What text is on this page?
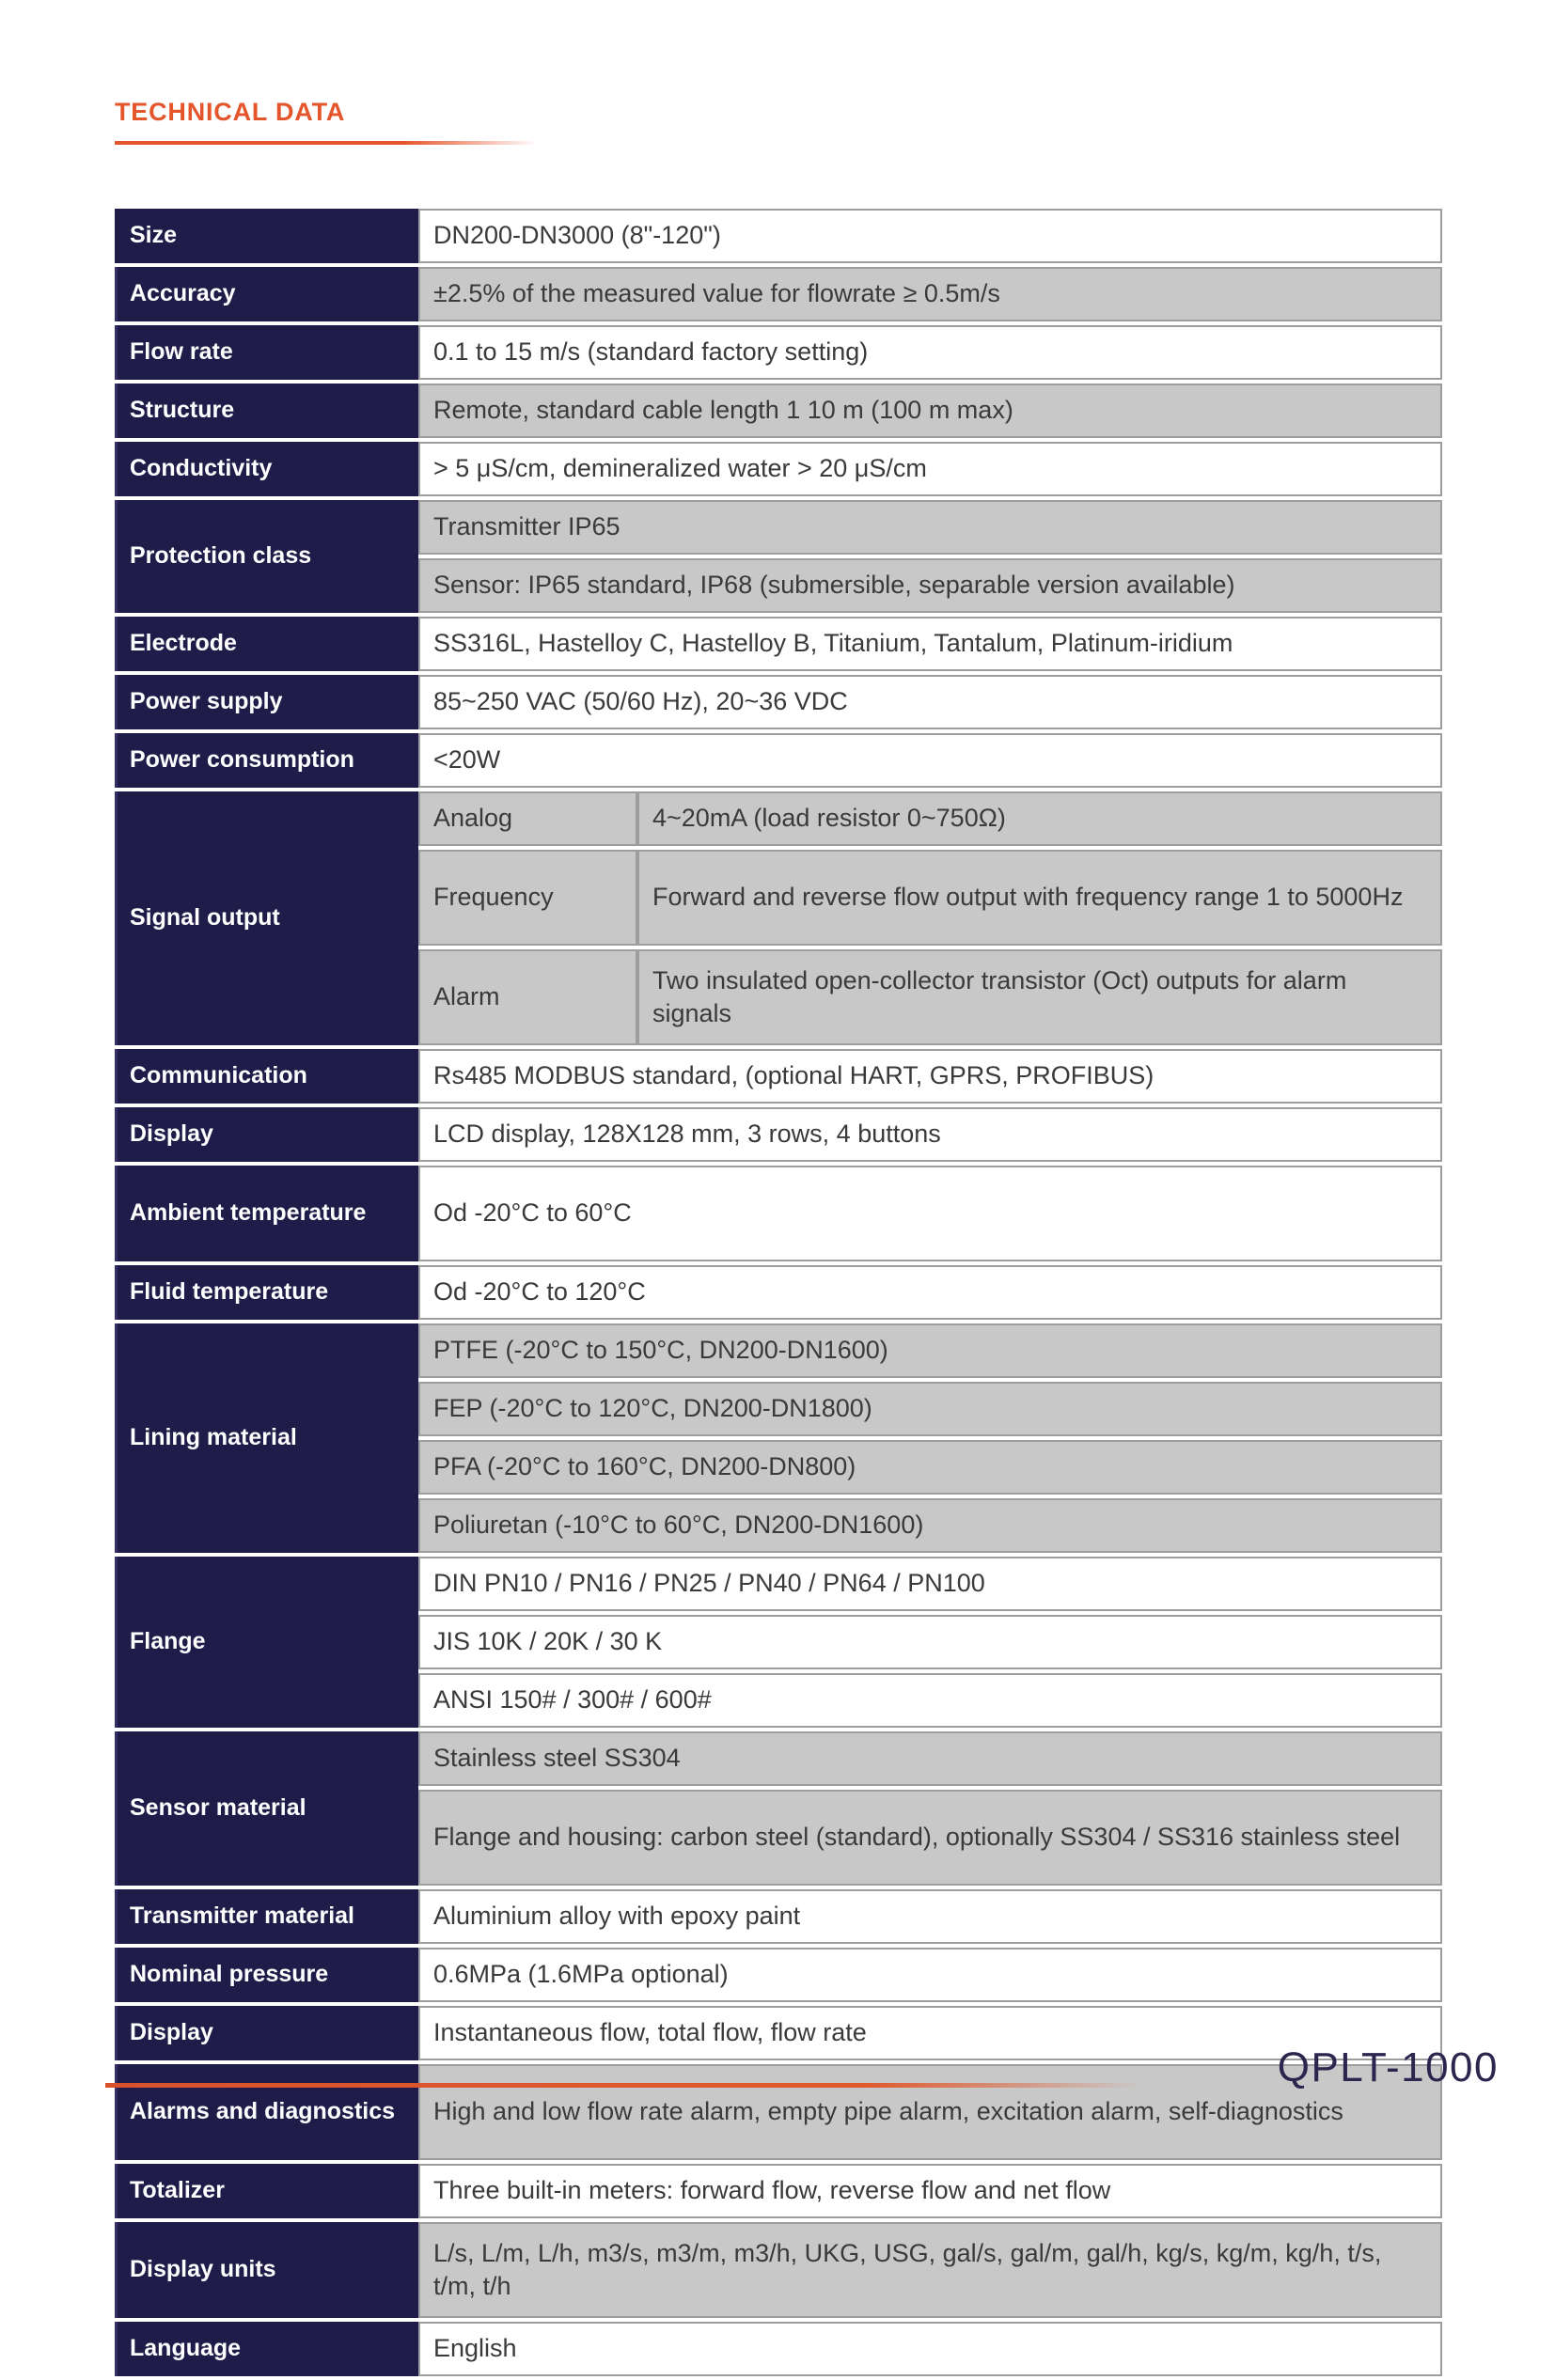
TECHNICAL DATA
Size	DN200-DN3000 (8"-120")	
Accuracy	±2.5% of the measured value for flowrate ≥ 0.5m/s	
Flow rate	0.1 to 15 m/s (standard factory setting)	
Structure	Remote, standard cable length 1 10 m (100 m max)	
Conductivity	> 5 μS/cm, demineralized water > 20 μS/cm	
Protection class	Transmitter IP65	
	Sensor: IP65 standard, IP68 (submersible, separable version available)	
Electrode	SS316L, Hastelloy C, Hastelloy B, Titanium, Tantalum, Platinum-iridium	
Power supply	85~250 VAC (50/60 Hz), 20~36 VDC	
Power consumption	<20W	
Signal output	Analog	4~20mA (load resistor 0~750Ω)
	Frequency	Forward and reverse flow output with frequency range 1 to 5000Hz
	Alarm	Two insulated open-collector transistor (Oct) outputs for alarm signals
Communication	Rs485 MODBUS standard, (optional HART, GPRS, PROFIBUS)	
Display	LCD display, 128X128 mm, 3 rows, 4 buttons	
Ambient temperature	Od -20°C to 60°C	
Fluid temperature	Od -20°C to 120°C	
Lining material	PTFE (-20°C to 150°C, DN200-DN1600)	
	FEP (-20°C to 120°C, DN200-DN1800)	
	PFA (-20°C to 160°C, DN200-DN800)	
	Poliuretan (-10°C to 60°C, DN200-DN1600)	
Flange	DIN PN10 / PN16 / PN25 / PN40 / PN64 / PN100	
	JIS 10K / 20K / 30 K	
	ANSI 150# / 300# / 600#	
Sensor material	Stainless steel SS304	
	Flange and housing: carbon steel (standard), optionally SS304 / SS316 stainless steel	
Transmitter material	Aluminium alloy with epoxy paint	
Nominal pressure	0.6MPa (1.6MPa optional)	
Display	Instantaneous flow, total flow, flow rate	
Alarms and diagnostics	High and low flow rate alarm, empty pipe alarm, excitation alarm, self-diagnostics	
Totalizer	Three built-in meters: forward flow, reverse flow and net flow	
Display units	L/s, L/m, L/h, m3/s, m3/m, m3/h, UKG, USG, gal/s, gal/m, gal/h, kg/s, kg/m, kg/h, t/s, t/m, t/h	
Language	English	
QPLT-1000
